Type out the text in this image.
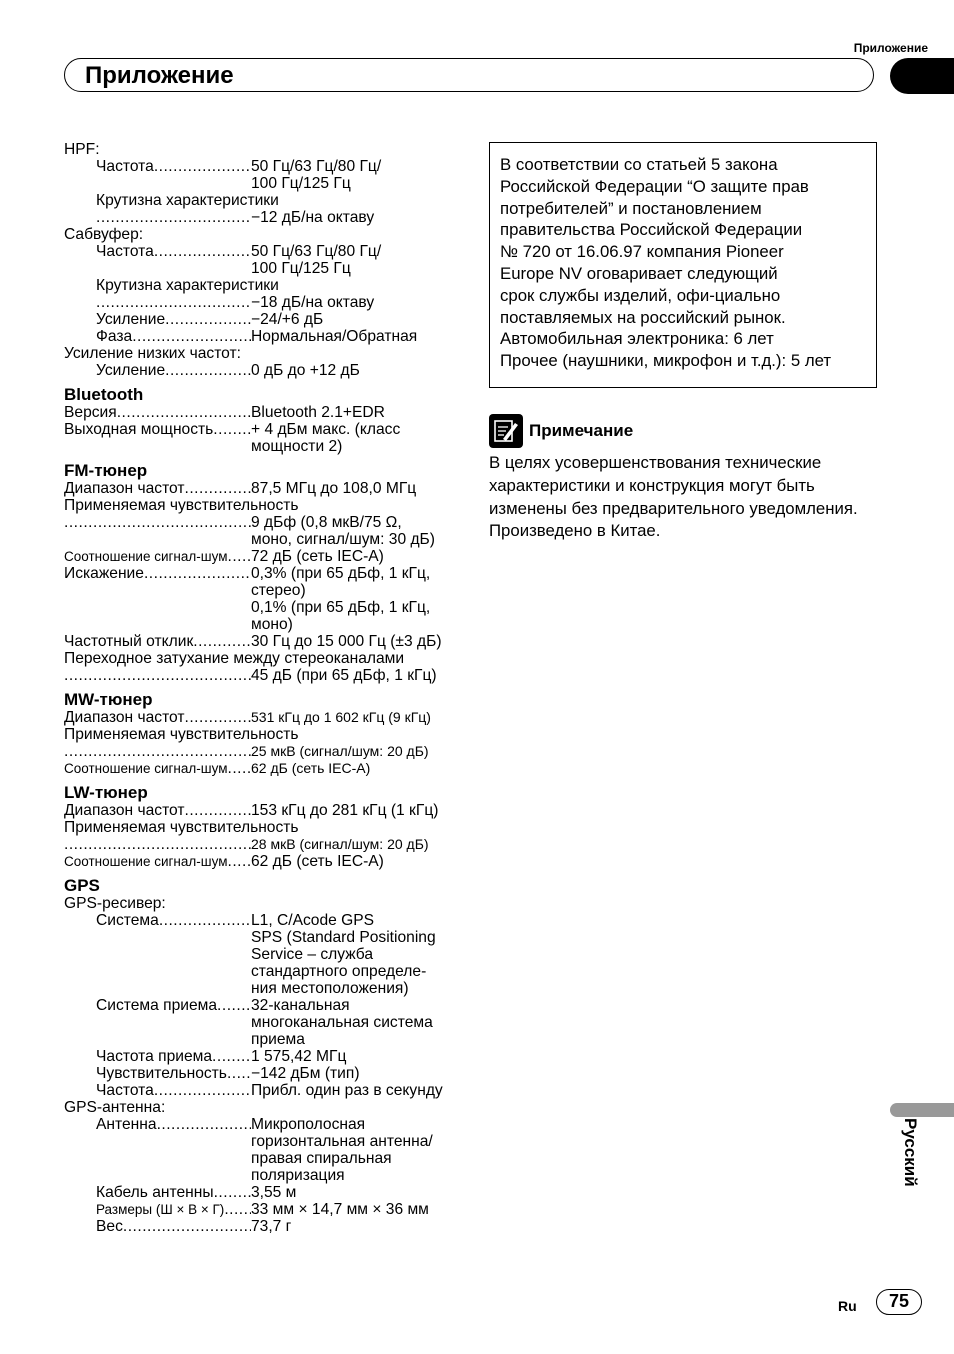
Приложение
Приложение
HPF:
Частота .....	50 Гц/63 Гц/80 Гц/
100 Гц/125 Гц
Крутизна характеристики
.....
−12 дБ/на октаву
Сабвуфер:
Частота .....	50 Гц/63 Гц/80 Гц/
100 Гц/125 Гц
Крутизна характеристики
.....
−18 дБ/на октаву
Усиление .....	−24/+6 дБ
Фаза .....	Нормальная/Обратная
Усиление низких частот:
Усиление .....	0 дБ до +12 дБ
Bluetooth
Версия .....	Bluetooth 2.1+EDR
Выходная мощность ..... + 4 дБм макс. (класс
мощности 2)
FM-тюнер
Диапазон частот .....	87,5 МГц до 108,0 МГц
Применяемая чувствительность
.....
9 дБф (0,8 мкВ/75 Ω,
моно, сигнал/шум: 30 дБ)
Соотношение сигнал-шум ..... 72 дБ (сеть IEC-A)
Искажение .....	0,3% (при 65 дБф, 1 кГц,
стерео)
0,1% (при 65 дБф, 1 кГц,
моно)
Частотный отклик .....	30 Гц до 15 000 Гц (±3 дБ)
Переходное затухание между стереоканалами
.....
45 дБ (при 65 дБф, 1 кГц)
MW-тюнер
Диапазон частот .....	531 кГц до 1 602 кГц (9 кГц)
Применяемая чувствительность
.....
25 мкВ (сигнал/шум: 20 дБ)
Соотношение сигнал-шум ..... 62 дБ (сеть IEC-A)
LW-тюнер
Диапазон частот .....	153 кГц до 281 кГц (1 кГц)
Применяемая чувствительность
.....
28 мкВ (сигнал/шум: 20 дБ)
Соотношение сигнал-шум ..... 62 дБ (сеть IEC-A)
GPS
GPS-ресивер:
Система .....	L1, C/Acode GPS
SPS (Standard Positioning
Service – служба
стандартного определе-
ния местоположения)
Система приема ..... 32-канальная
многоканальная система
приема
Частота приема ..... 1 575,42 МГц
Чувствительность ..... −142 дБм (тип)
Частота .....	Прибл. один раз в секунду
GPS-антенна:
Антенна .....	Микрополосная
горизонтальная антенна/
правая спиральная
поляризация
Кабель антенны ..... 3,55 м
Размеры (Ш × В × Г) ..... 33 мм × 14,7 мм × 36 мм
Вес .....	73,7 г

В соответствии со статьей 5 закона

Российской Федерации “О защите прав

потребителей” и постановлением

правительства Российской Федерации

№ 720 от 16.06.97 компания Pioneer

Europe NV оговаривает следующий

срок службы изделий, офи-циально

поставляемых на российский рынок.

Автомобильная электроника: 6 лет

Прочее (наушники, микрофон и т.д.): 5 лет

Примечание

В целях усовершенствования технические

характеристики и конструкция могут быть

изменены без предварительного уведомления.

Произведено в Китае.

Русский
Ru	75
